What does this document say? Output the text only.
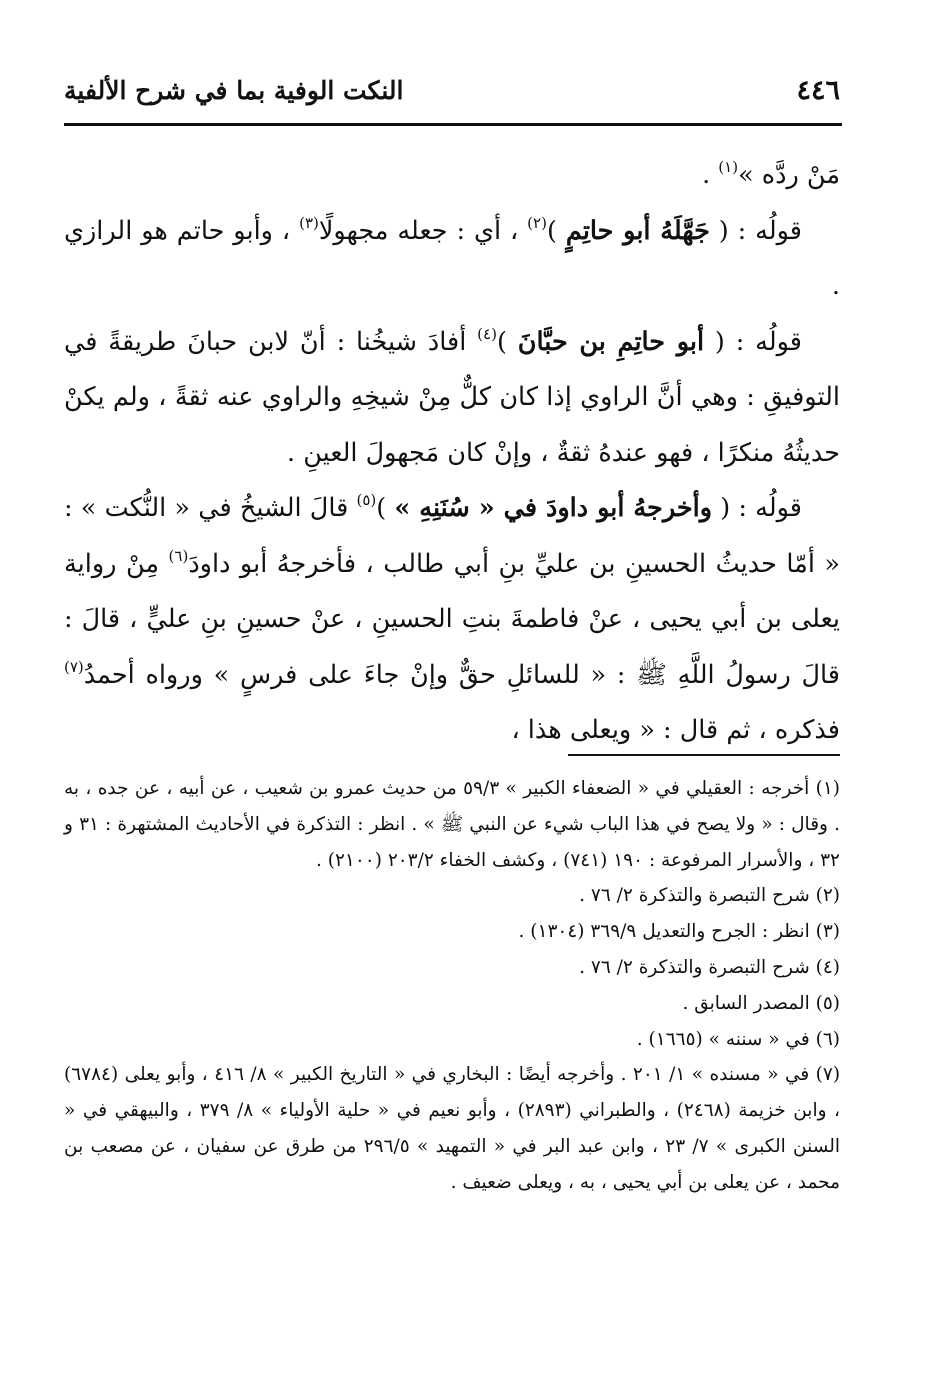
٤٤٦
النكت الوفية بما في شرح الألفية

مَنْ ردَّه »$^{(١)}$ .

قولُه : ( جَهَّلَهُ أبو حاتِمٍ )$^{(٢)}$ ، أي : جعله مجهولًا$^{(٣)}$ ، وأبو حاتم هو الرازي .

قولُه : ( أبو حاتِمِ بن حبَّانَ )$^{(٤)}$ أفادَ شيخُنا : أنّ لابن حبانَ طريقةً في التوفيقِ : وهي أنَّ الراوي إذا كان كلٌّ مِنْ شيخِهِ والراوي عنه ثقةً ، ولم يكنْ حديثُهُ منكرًا ، فهو عندهُ ثقةٌ ، وإنْ كان مَجهولَ العينِ .

قولُه : ( وأخرجهُ أبو داودَ في « سُنَنِهِ » )$^{(٥)}$ قالَ الشيخُ في « النُّكت » : « أمّا حديثُ الحسينِ بن عليِّ بنِ أبي طالب ، فأخرجهُ أبو داودَ$^{(٦)}$ مِنْ رواية يعلى بن أبي يحيى ، عنْ فاطمةَ بنتِ الحسينِ ، عنْ حسينِ بنِ عليٍّ ، قالَ : قالَ رسولُ اللَّهِ ﷺ : « للسائلِ حقٌّ وإنْ جاءَ على فرسٍ » ورواه أحمدُ$^{(٧)}$ فذكره ، ثم قال : « ويعلى هذا ،

(١) أخرجه : العقيلي في « الضعفاء الكبير » ٥٩/٣ من حديث عمرو بن شعيب ، عن أبيه ، عن جده ، به . وقال : « ولا يصح في هذا الباب شيء عن النبي ﷺ » . انظر : التذكرة في الأحاديث المشتهرة : ٣١ و ٣٢ ، والأسرار المرفوعة : ١٩٠ (٧٤١) ، وكشف الخفاء ٢٠٣/٢ (٢١٠٠) .

(٢) شرح التبصرة والتذكرة ٢/ ٧٦ .

(٣) انظر : الجرح والتعديل ٣٦٩/٩ (١٣٠٤) .

(٤) شرح التبصرة والتذكرة ٢/ ٧٦ .

(٥) المصدر السابق .

(٦) في « سننه » (١٦٦٥) .

(٧) في « مسنده » ١/ ٢٠١ . وأخرجه أيضًا : البخاري في « التاريخ الكبير » ٨/ ٤١٦ ، وأبو يعلى (٦٧٨٤) ، وابن خزيمة (٢٤٦٨) ، والطبراني (٢٨٩٣) ، وأبو نعيم في « حلية الأولياء » ٨/ ٣٧٩ ، والبيهقي في « السنن الكبرى » ٧/ ٢٣ ، وابن عبد البر في « التمهيد » ٢٩٦/٥ من طرق عن سفيان ، عن مصعب بن محمد ، عن يعلى بن أبي يحيى ، به ، ويعلى ضعيف .
